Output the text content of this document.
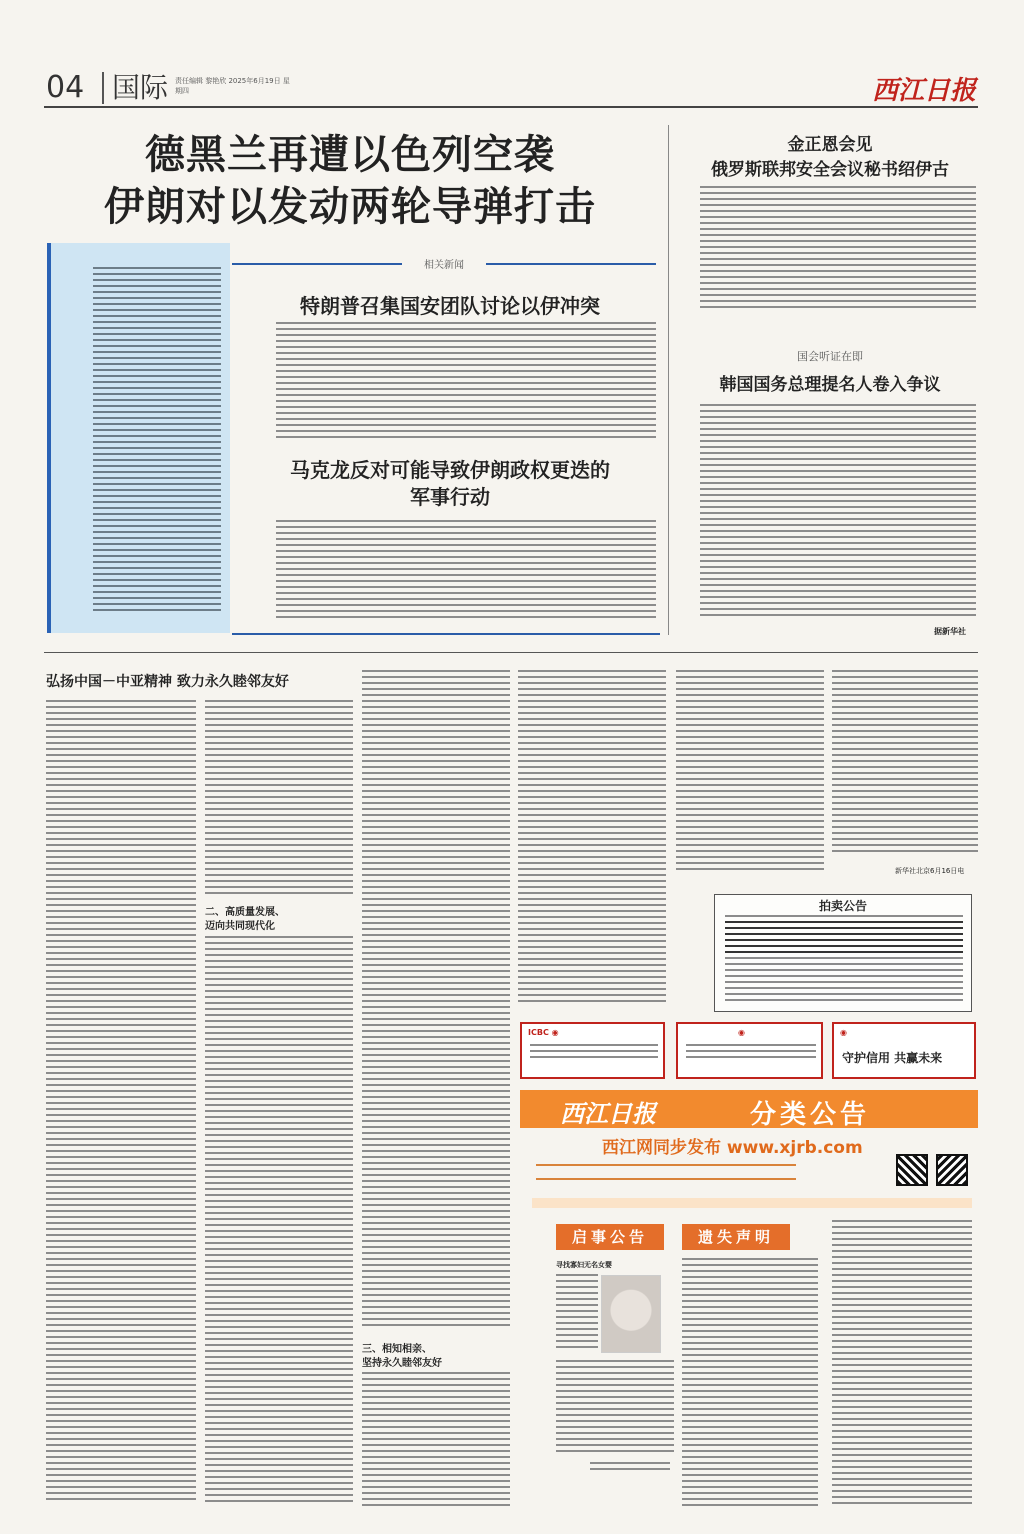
04 国际 责任编辑 黎艳欣 2025年6月19日 星期四	西江日报
德黑兰再遭以色列空袭
伊朗对以发动两轮导弹打击
相关新闻
特朗普召集国安团队讨论以伊冲突
马克龙反对可能导致伊朗政权更迭的
军事行动
据新华社
金正恩会见
俄罗斯联邦安全会议秘书绍伊古
国会听证在即
韩国国务总理提名人卷入争议
弘扬中国－中亚精神 致力永久睦邻友好
二、高质量发展、
迈向共同现代化
三、相知相亲、
坚持永久睦邻友好
新华社北京6月16日电
拍卖公告
ICBC ◉	◉	◉
守护信用 共赢未来
西江日报	分类公告
西江网同步发布 www.xjrb.com
启事公告	遗失声明
寻找寡妇无名女婴
